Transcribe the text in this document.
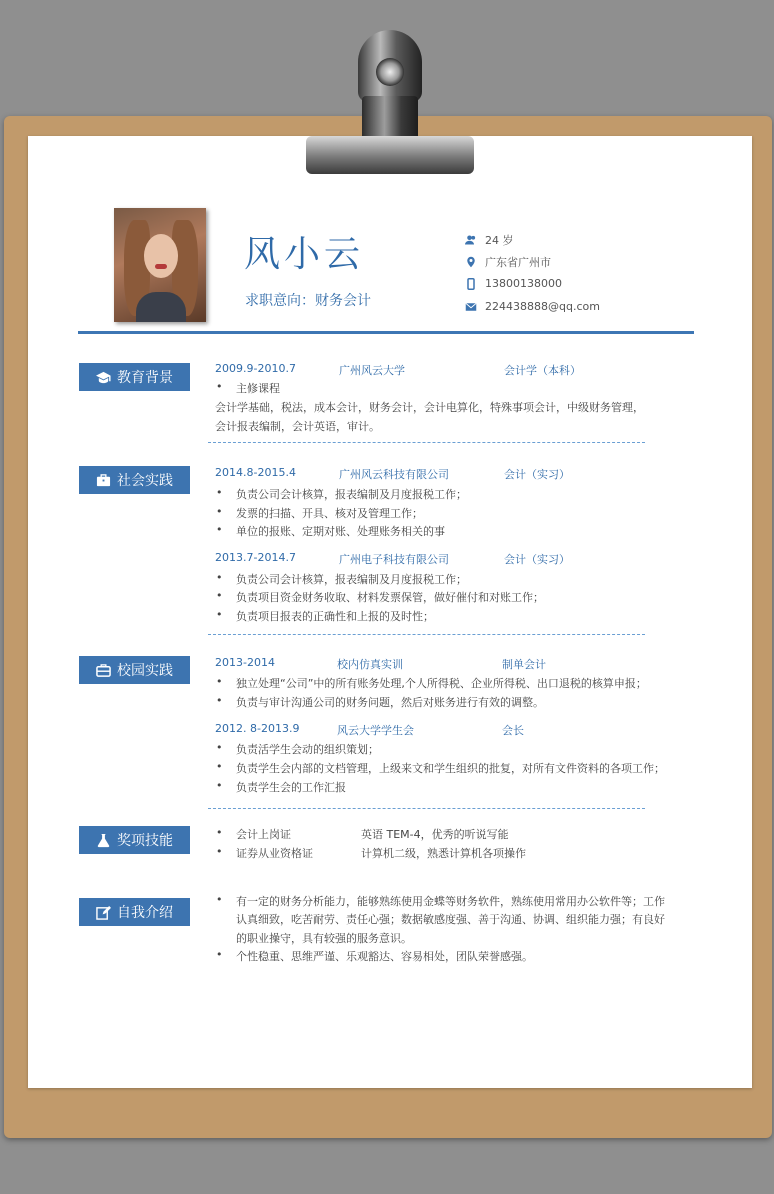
风小云
求职意向：财务会计
24 岁
广东省广州市
13800138000
224438888@qq.com
教育背景
2009.9-2010.7	广州风云大学	会计学（本科）
• 主修课程
会计学基础，税法，成本会计，财务会计，会计电算化，特殊事项会计，中级财务管理，
会计报表编制，会计英语，审计。
社会实践
2014.8-2015.4	广州风云科技有限公司	会计（实习）
• 负责公司会计核算，报表编制及月度报税工作；
• 发票的扫描、开具、核对及管理工作；
• 单位的报账、定期对账、处理账务相关的事
2013.7-2014.7	广州电子科技有限公司	会计（实习）
• 负责公司会计核算，报表编制及月度报税工作；
• 负责项目资金财务收取、材料发票保管，做好催付和对账工作；
• 负责项目报表的正确性和上报的及时性；
校园实践
2013-2014	校内仿真实训	制单会计
• 独立处理“公司”中的所有账务处理,个人所得税、企业所得税、出口退税的核算申报；
• 负责与审计沟通公司的财务问题，然后对账务进行有效的调整。
2012. 8-2013.9	风云大学学生会	会长
• 负责活学生会动的组织策划；
• 负责学生会内部的文档管理，上级来文和学生组织的批复，对所有文件资料的各项工作；
• 负责学生会的工作汇报
奖项技能
• 会计上岗证	英语 TEM-4，优秀的听说写能
• 证券从业资格证	计算机二级，熟悉计算机各项操作
自我介绍
• 有一定的财务分析能力，能够熟练使用金蝶等财务软件，熟练使用常用办公软件等；工作
认真细致，吃苦耐劳、责任心强；数据敏感度强、善于沟通、协调、组织能力强；有良好
的职业操守，具有较强的服务意识。
• 个性稳重、思维严谨、乐观豁达、容易相处，团队荣誉感强。
